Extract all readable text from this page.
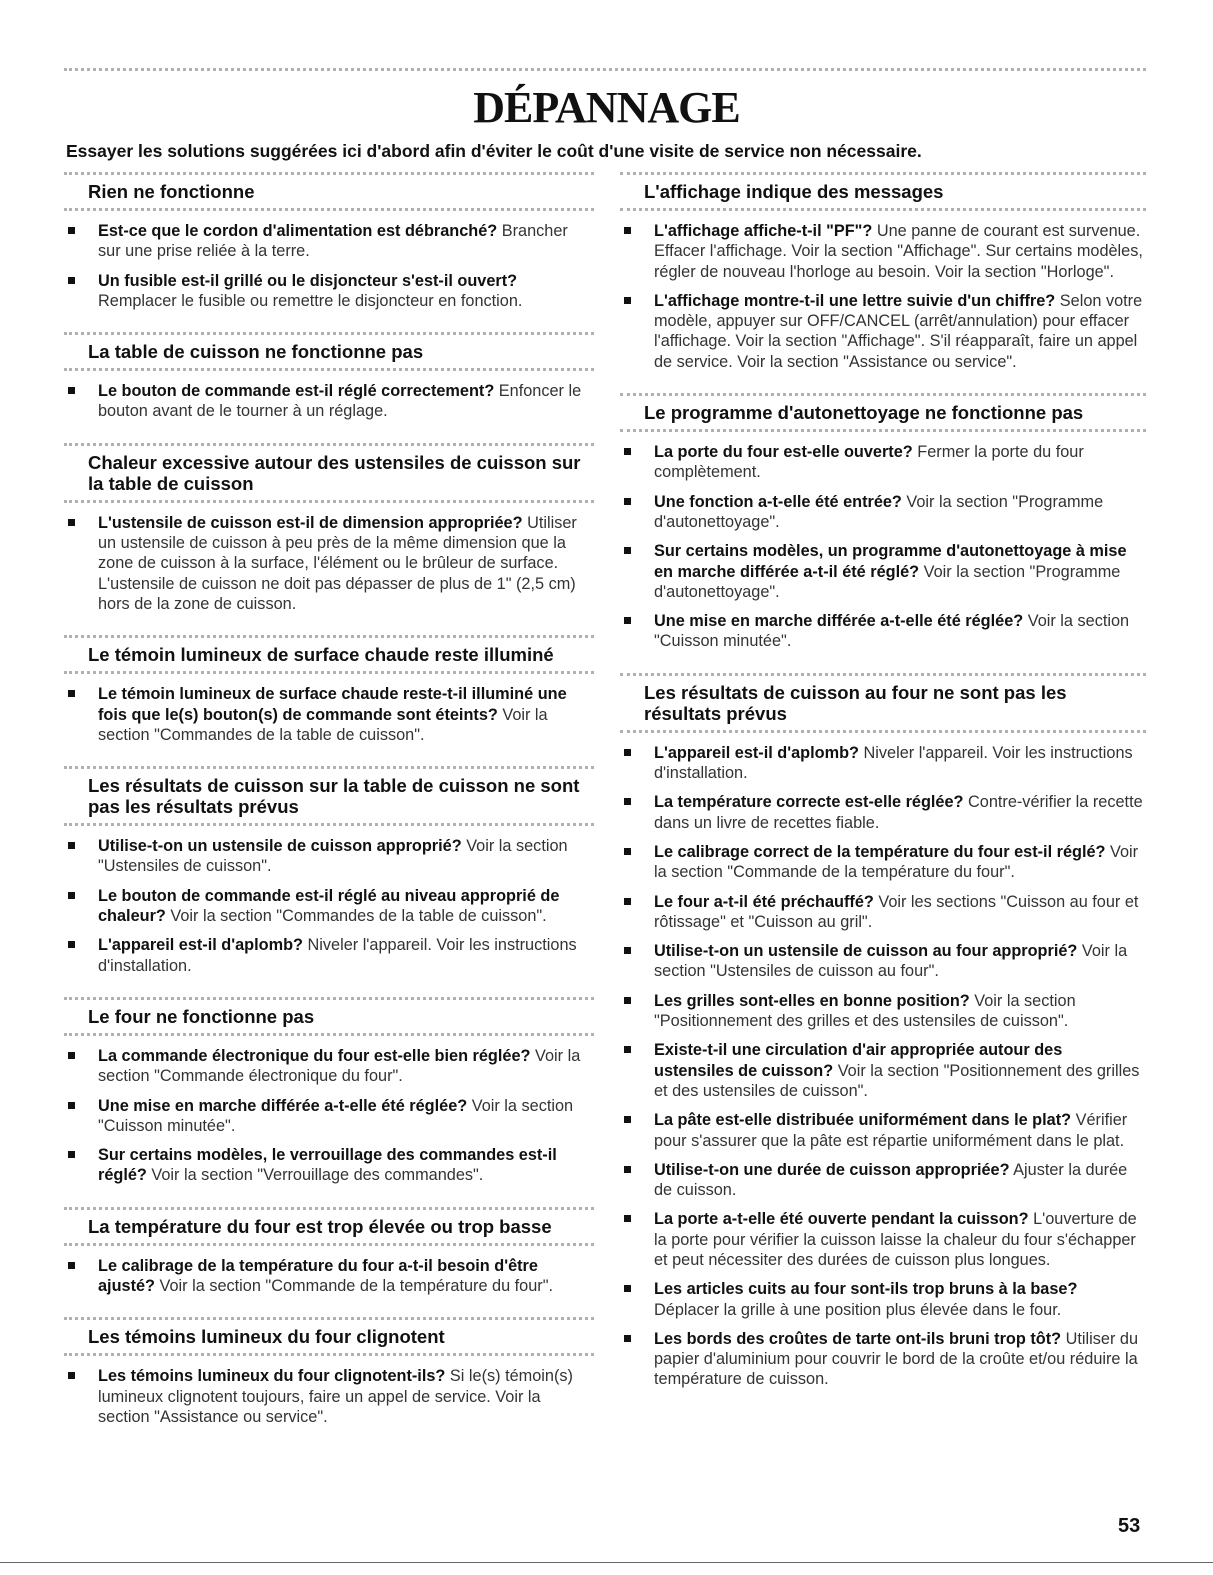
DÉPANNAGE

Essayer les solutions suggérées ici d'abord afin d'éviter le coût d'une visite de service non nécessaire.

Rien ne fonctionne
Est-ce que le cordon d'alimentation est débranché? Brancher sur une prise reliée à la terre.
Un fusible est-il grillé ou le disjoncteur s'est-il ouvert? Remplacer le fusible ou remettre le disjoncteur en fonction.
La table de cuisson ne fonctionne pas
Le bouton de commande est-il réglé correctement? Enfoncer le bouton avant de le tourner à un réglage.
Chaleur excessive autour des ustensiles de cuisson sur la table de cuisson
L'ustensile de cuisson est-il de dimension appropriée? Utiliser un ustensile de cuisson à peu près de la même dimension que la zone de cuisson à la surface, l'élément ou le brûleur de surface. L'ustensile de cuisson ne doit pas dépasser de plus de 1" (2,5 cm) hors de la zone de cuisson.
Le témoin lumineux de surface chaude reste illuminé
Le témoin lumineux de surface chaude reste-t-il illuminé une fois que le(s) bouton(s) de commande sont éteints? Voir la section "Commandes de la table de cuisson".
Les résultats de cuisson sur la table de cuisson ne sont pas les résultats prévus
Utilise-t-on un ustensile de cuisson approprié? Voir la section "Ustensiles de cuisson".
Le bouton de commande est-il réglé au niveau approprié de chaleur? Voir la section "Commandes de la table de cuisson".
L'appareil est-il d'aplomb? Niveler l'appareil. Voir les instructions d'installation.
Le four ne fonctionne pas
La commande électronique du four est-elle bien réglée? Voir la section "Commande électronique du four".
Une mise en marche différée a-t-elle été réglée? Voir la section "Cuisson minutée".
Sur certains modèles, le verrouillage des commandes est-il réglé? Voir la section "Verrouillage des commandes".
La température du four est trop élevée ou trop basse
Le calibrage de la température du four a-t-il besoin d'être ajusté? Voir la section "Commande de la température du four".
Les témoins lumineux du four clignotent
Les témoins lumineux du four clignotent-ils? Si le(s) témoin(s) lumineux clignotent toujours, faire un appel de service. Voir la section "Assistance ou service".
L'affichage indique des messages
L'affichage affiche-t-il "PF"? Une panne de courant est survenue. Effacer l'affichage. Voir la section "Affichage". Sur certains modèles, régler de nouveau l'horloge au besoin. Voir la section "Horloge".
L'affichage montre-t-il une lettre suivie d'un chiffre? Selon votre modèle, appuyer sur OFF/CANCEL (arrêt/annulation) pour effacer l'affichage. Voir la section "Affichage". S'il réapparaît, faire un appel de service. Voir la section "Assistance ou service".
Le programme d'autonettoyage ne fonctionne pas
La porte du four est-elle ouverte? Fermer la porte du four complètement.
Une fonction a-t-elle été entrée? Voir la section "Programme d'autonettoyage".
Sur certains modèles, un programme d'autonettoyage à mise en marche différée a-t-il été réglé? Voir la section "Programme d'autonettoyage".
Une mise en marche différée a-t-elle été réglée? Voir la section "Cuisson minutée".
Les résultats de cuisson au four ne sont pas les résultats prévus
L'appareil est-il d'aplomb? Niveler l'appareil. Voir les instructions d'installation.
La température correcte est-elle réglée? Contre-vérifier la recette dans un livre de recettes fiable.
Le calibrage correct de la température du four est-il réglé? Voir la section "Commande de la température du four".
Le four a-t-il été préchauffé? Voir les sections "Cuisson au four et rôtissage" et "Cuisson au gril".
Utilise-t-on un ustensile de cuisson au four approprié? Voir la section "Ustensiles de cuisson au four".
Les grilles sont-elles en bonne position? Voir la section "Positionnement des grilles et des ustensiles de cuisson".
Existe-t-il une circulation d'air appropriée autour des ustensiles de cuisson? Voir la section "Positionnement des grilles et des ustensiles de cuisson".
La pâte est-elle distribuée uniformément dans le plat? Vérifier pour s'assurer que la pâte est répartie uniformément dans le plat.
Utilise-t-on une durée de cuisson appropriée? Ajuster la durée de cuisson.
La porte a-t-elle été ouverte pendant la cuisson? L'ouverture de la porte pour vérifier la cuisson laisse la chaleur du four s'échapper et peut nécessiter des durées de cuisson plus longues.
Les articles cuits au four sont-ils trop bruns à la base? Déplacer la grille à une position plus élevée dans le four.
Les bords des croûtes de tarte ont-ils bruni trop tôt? Utiliser du papier d'aluminium pour couvrir le bord de la croûte et/ou réduire la température de cuisson.

53
